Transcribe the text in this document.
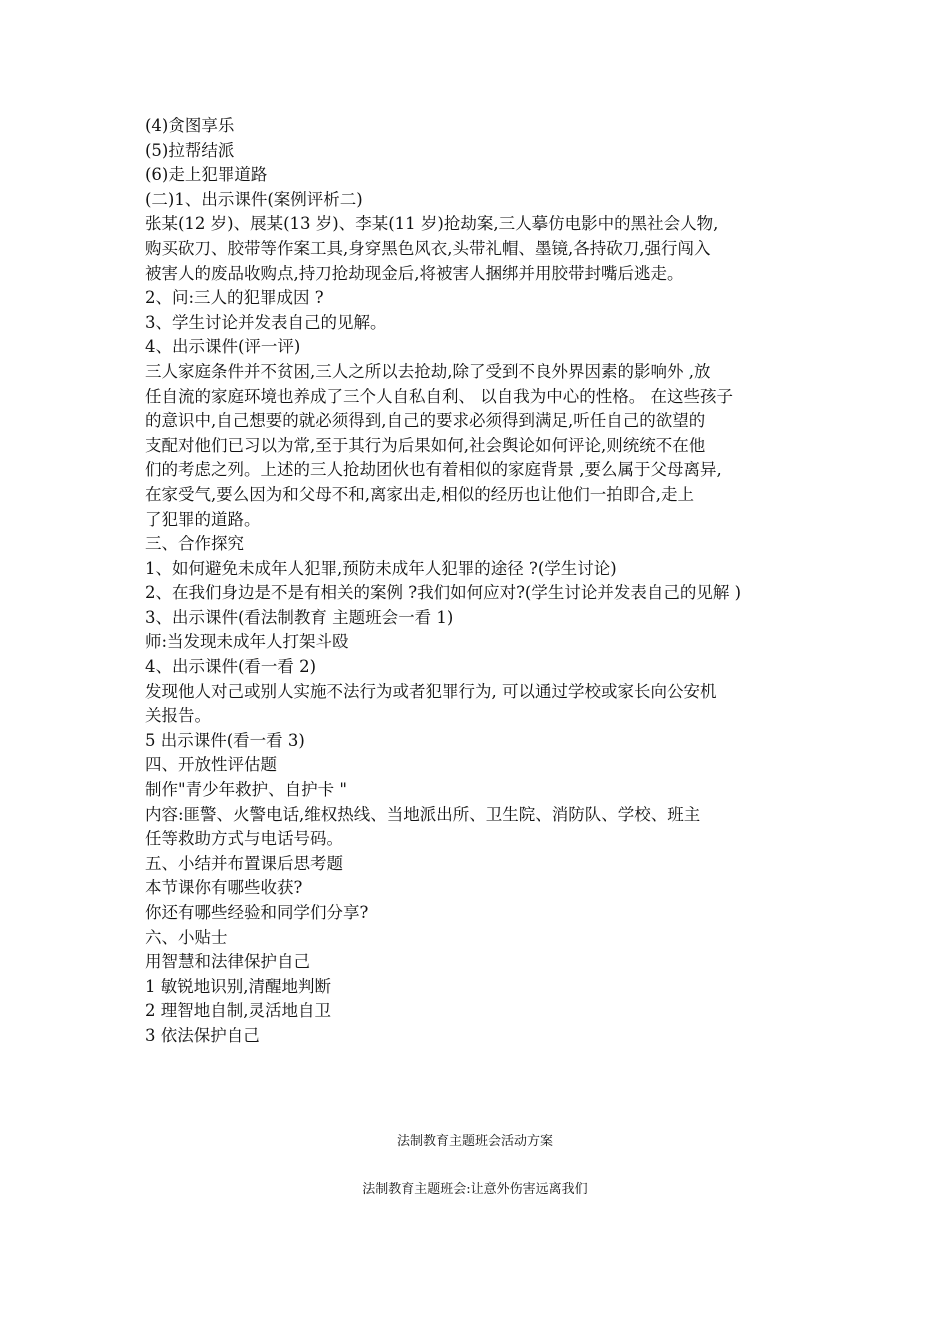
(4)贪图享乐
(5)拉帮结派
(6)走上犯罪道路
(二)1、出示课件(案例评析二)
张某(12 岁)、展某(13 岁)、李某(11 岁)抢劫案,三人摹仿电影中的黑社会人物,
购买砍刀、胶带等作案工具,身穿黑色风衣,头带礼帽、墨镜,各持砍刀,强行闯入
被害人的废品收购点,持刀抢劫现金后,将被害人捆绑并用胶带封嘴后逃走。
2、问:三人的犯罪成因 ?
3、学生讨论并发表自己的见解。
4、出示课件(评一评)
三人家庭条件并不贫困,三人之所以去抢劫,除了受到不良外界因素的影响外 ,放
任自流的家庭环境也养成了三个人自私自利、 以自我为中心的性格。 在这些孩子
的意识中,自己想要的就必须得到,自己的要求必须得到满足,听任自己的欲望的
支配对他们已习以为常,至于其行为后果如何,社会舆论如何评论,则统统不在他
们的考虑之列。上述的三人抢劫团伙也有着相似的家庭背景 ,要么属于父母离异,
在家受气,要么因为和父母不和,离家出走,相似的经历也让他们一拍即合,走上
了犯罪的道路。
三、合作探究
1、如何避免未成年人犯罪,预防未成年人犯罪的途径 ?(学生讨论)
2、在我们身边是不是有相关的案例 ?我们如何应对?(学生讨论并发表自己的见解 )
3、出示课件(看法制教育 主题班会一看 1)
师:当发现未成年人打架斗殴
4、出示课件(看一看 2)
发现他人对己或别人实施不法行为或者犯罪行为, 可以通过学校或家长向公安机
关报告。
5 出示课件(看一看 3)
四、开放性评估题
制作"青少年救护、自护卡 "
内容:匪警、火警电话,维权热线、当地派出所、卫生院、消防队、学校、班主
任等救助方式与电话号码。
五、小结并布置课后思考题
本节课你有哪些收获?
你还有哪些经验和同学们分享?
六、小贴士
用智慧和法律保护自己
1 敏锐地识别,清醒地判断
2 理智地自制,灵活地自卫
3 依法保护自己
法制教育主题班会活动方案
法制教育主题班会:让意外伤害远离我们
